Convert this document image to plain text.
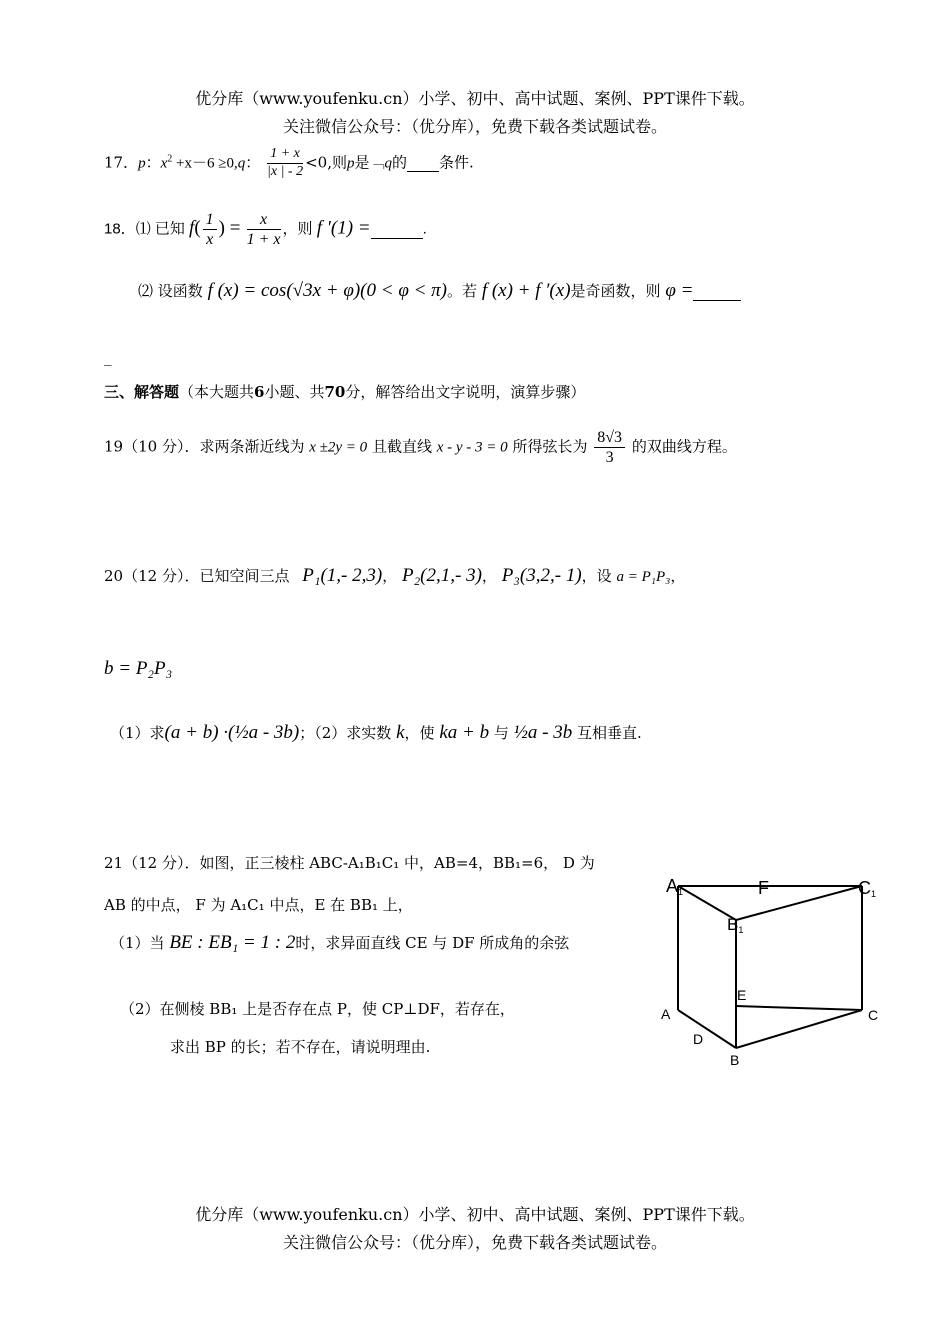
优分库（www.youfenku.cn）小学、初中、高中试题、案例、PPT课件下载。
关注微信公众号：（优分库），免费下载各类试题试卷。
17．p：$x^2 +x-6 \ge 0,q$： $\frac{1 + x}{|x | - 2} <0$,则p是﹁q的 条件.
18．⑴ 已知 $f( \frac{1}{x}$ ) = $\frac{x}{1 + x}$ ，则 f ′(1) =	.
⑵ 设函数 f (x) = cos(√3x + φ)(0 < φ < π)。若 f (x) + f ′(x)是奇函数，则 φ =
_
三、解答题（本大题共6小题、共70分，解答给出文字说明，演算步骤）
19（10 分）．求两条渐近线为 x ±2y = 0 且截直线 x - y - 3 = 0 所得弦长为 $\frac{8√3}{3}$ 的双曲线方程。
20（12 分）．已知空间三点 P₁(1,- 2,3)， P₂(2,1,- 3)， P₃(3,2,- 1)，设 a = P₁P₃，
b = P₂P₃
（1）求(a + b) ·(½a - 3b)；（2）求实数 k，使 ka + b 与 ½a - 3b 互相垂直.
21（12 分）．如图，正三棱柱 ABC-A₁B₁C₁ 中，AB=4，BB₁=6， D 为
AB 的中点， F 为 A₁C₁ 中点，E 在 BB₁ 上，
（1）当 BE : EB₁ = 1 : 2时，求异面直线 CE 与 DF 所成角的余弦
（2）在侧棱 BB₁ 上是否存在点 P，使 CP⊥DF，若存在，
求出 BP 的长；若不存在，请说明理由.
A1	F	C1
B1
E
A	C
D
B
优分库（www.youfenku.cn）小学、初中、高中试题、案例、PPT课件下载。
关注微信公众号：（优分库），免费下载各类试题试卷。
